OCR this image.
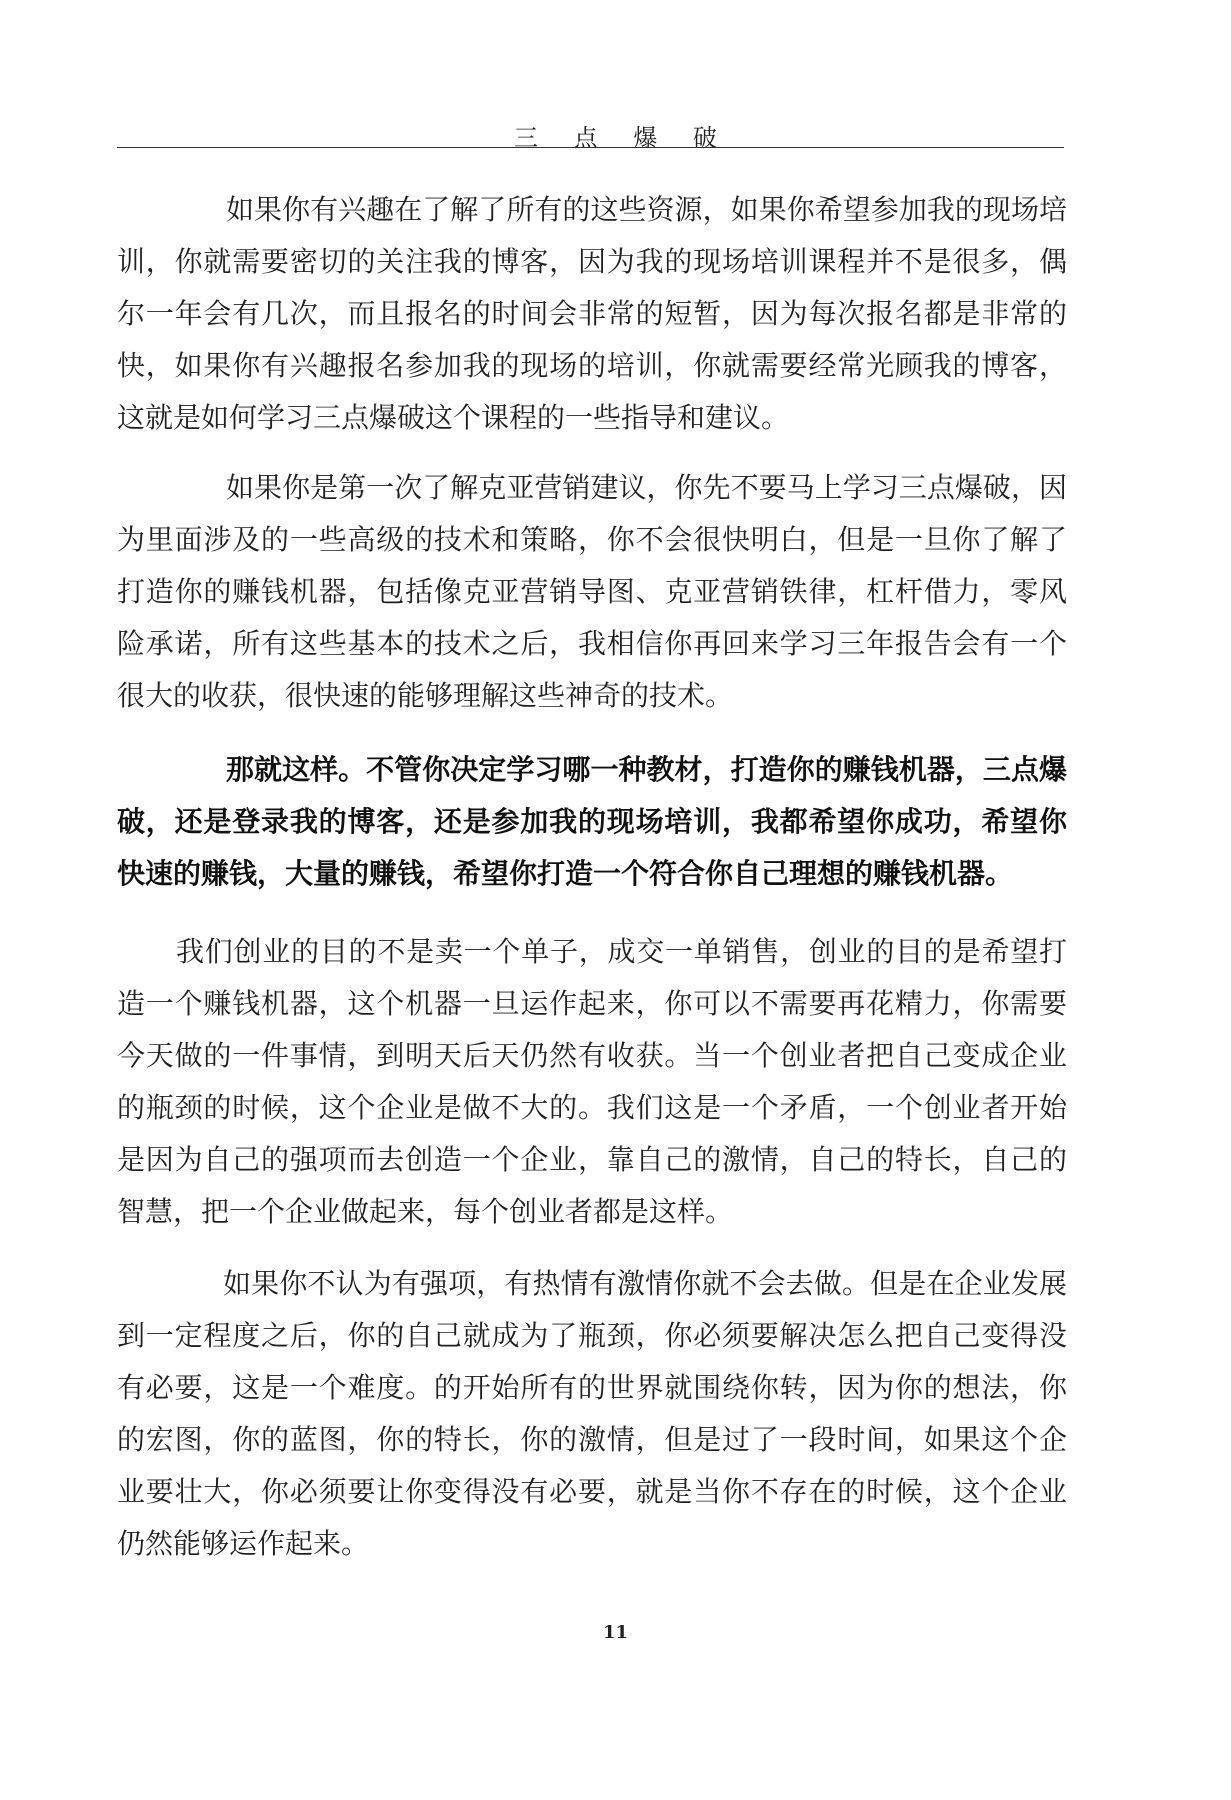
三 点 爆 破

如果你有兴趣在了解了所有的这些资源，如果你希望参加我的现场培训，你就需要密切的关注我的博客，因为我的现场培训课程并不是很多，偶尔一年会有几次，而且报名的时间会非常的短暂，因为每次报名都是非常的快，如果你有兴趣报名参加我的现场的培训，你就需要经常光顾我的博客，这就是如何学习三点爆破这个课程的一些指导和建议。

如果你是第一次了解克亚营销建议，你先不要马上学习三点爆破，因为里面涉及的一些高级的技术和策略，你不会很快明白，但是一旦你了解了打造你的赚钱机器，包括像克亚营销导图、克亚营销铁律，杠杆借力，零风险承诺，所有这些基本的技术之后，我相信你再回来学习三年报告会有一个很大的收获，很快速的能够理解这些神奇的技术。

那就这样。不管你决定学习哪一种教材，打造你的赚钱机器，三点爆破，还是登录我的博客，还是参加我的现场培训，我都希望你成功，希望你快速的赚钱，大量的赚钱，希望你打造一个符合你自己理想的赚钱机器。

我们创业的目的不是卖一个单子，成交一单销售，创业的目的是希望打造一个赚钱机器，这个机器一旦运作起来，你可以不需要再花精力，你需要今天做的一件事情，到明天后天仍然有收获。当一个创业者把自己变成企业的瓶颈的时候，这个企业是做不大的。我们这是一个矛盾，一个创业者开始是因为自己的强项而去创造一个企业，靠自己的激情，自己的特长，自己的智慧，把一个企业做起来，每个创业者都是这样。

如果你不认为有强项，有热情有激情你就不会去做。但是在企业发展到一定程度之后，你的自己就成为了瓶颈，你必须要解决怎么把自己变得没有必要，这是一个难度。的开始所有的世界就围绕你转，因为你的想法，你的宏图，你的蓝图，你的特长，你的激情，但是过了一段时间，如果这个企业要壮大，你必须要让你变得没有必要，就是当你不存在的时候，这个企业仍然能够运作起来。

11
